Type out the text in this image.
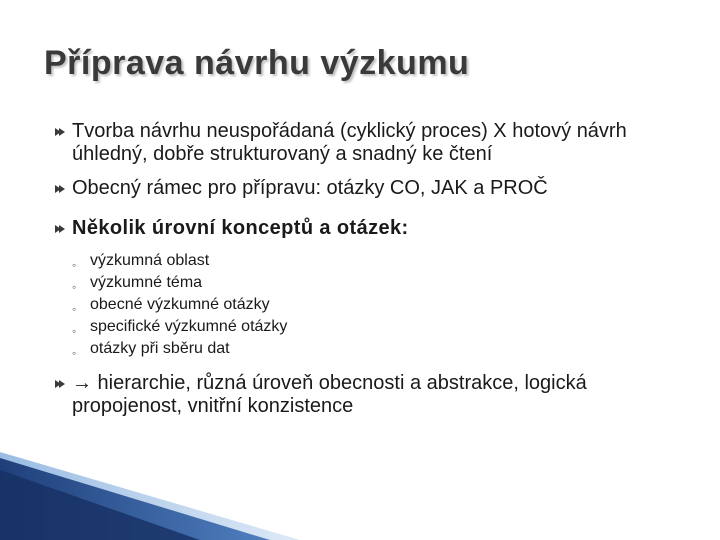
Příprava návrhu výzkumu
Tvorba návrhu neuspořádaná (cyklický proces) X hotový návrh úhledný, dobře strukturovaný a snadný ke čtení
Obecný rámec pro přípravu: otázky CO, JAK a PROČ
Několik úrovní konceptů a otázek:
◦ výzkumná oblast
◦ výzkumné téma
◦ obecné výzkumné otázky
◦ specifické výzkumné otázky
◦ otázky při sběru dat
→ hierarchie, různá úroveň obecnosti a abstrakce, logická propojenost, vnitřní konzistence
